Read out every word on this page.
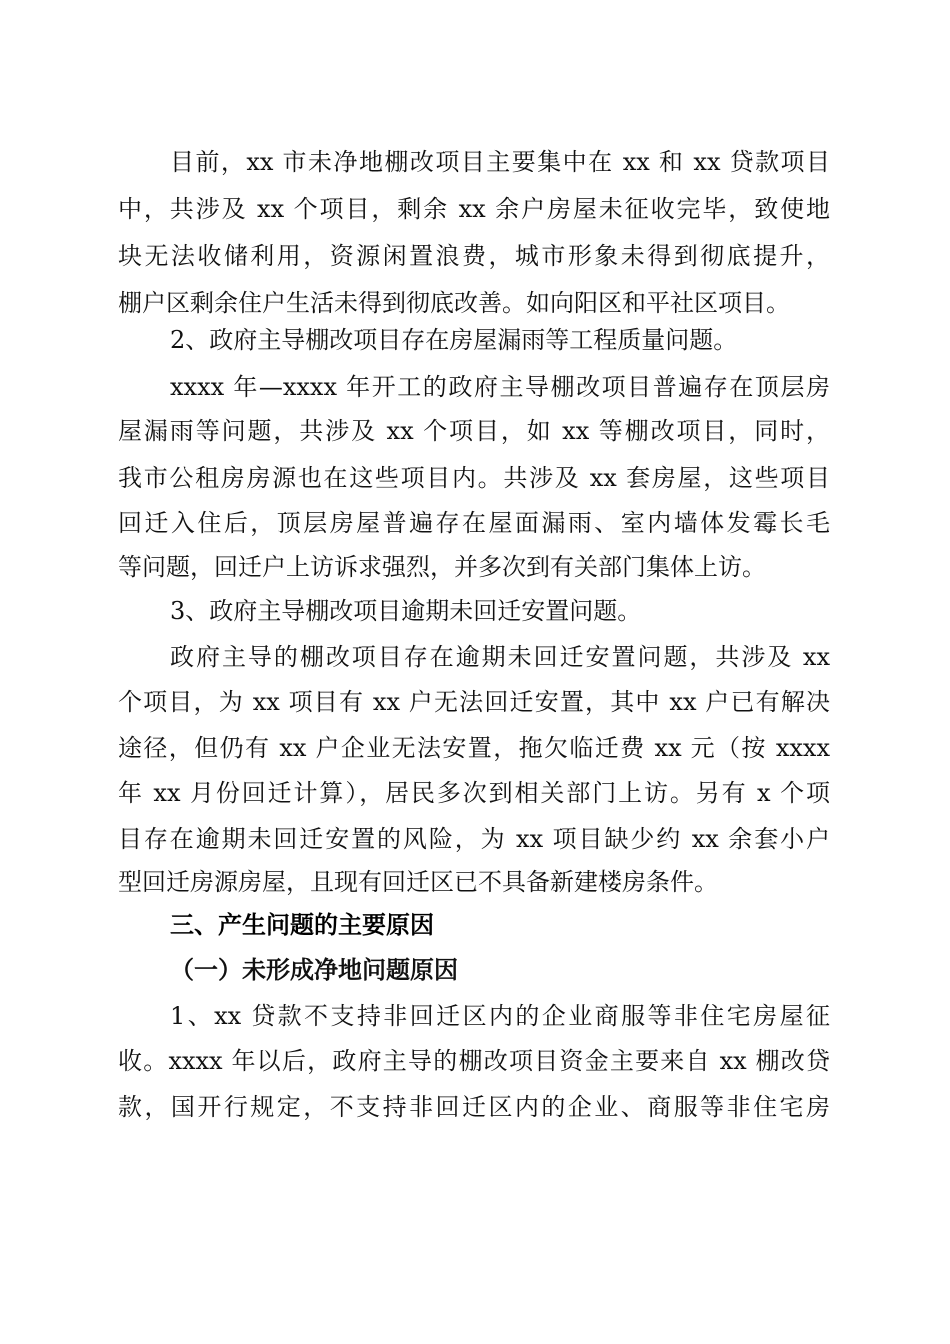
目前，xx 市未净地棚改项目主要集中在 xx 和 xx 贷款项目
中，共涉及 xx 个项目，剩余 xx 余户房屋未征收完毕，致使地
块无法收储利用，资源闲置浪费，城市形象未得到彻底提升，
棚户区剩余住户生活未得到彻底改善。如向阳区和平社区项目。
2、政府主导棚改项目存在房屋漏雨等工程质量问题。
xxxx 年—xxxx 年开工的政府主导棚改项目普遍存在顶层房
屋漏雨等问题，共涉及 xx 个项目，如 xx 等棚改项目，同时，
我市公租房房源也在这些项目内。共涉及 xx 套房屋，这些项目
回迁入住后，顶层房屋普遍存在屋面漏雨、室内墙体发霉长毛
等问题，回迁户上访诉求强烈，并多次到有关部门集体上访。
3、政府主导棚改项目逾期未回迁安置问题。
政府主导的棚改项目存在逾期未回迁安置问题，共涉及 xx
个项目，为 xx 项目有 xx 户无法回迁安置，其中 xx 户已有解决
途径，但仍有 xx 户企业无法安置，拖欠临迁费 xx 元（按 xxxx
年 xx 月份回迁计算），居民多次到相关部门上访。另有 x 个项
目存在逾期未回迁安置的风险，为 xx 项目缺少约 xx 余套小户
型回迁房源房屋，且现有回迁区已不具备新建楼房条件。
三、产生问题的主要原因
（一）未形成净地问题原因
1、xx 贷款不支持非回迁区内的企业商服等非住宅房屋征
收。xxxx 年以后，政府主导的棚改项目资金主要来自 xx 棚改贷
款，国开行规定，不支持非回迁区内的企业、商服等非住宅房
